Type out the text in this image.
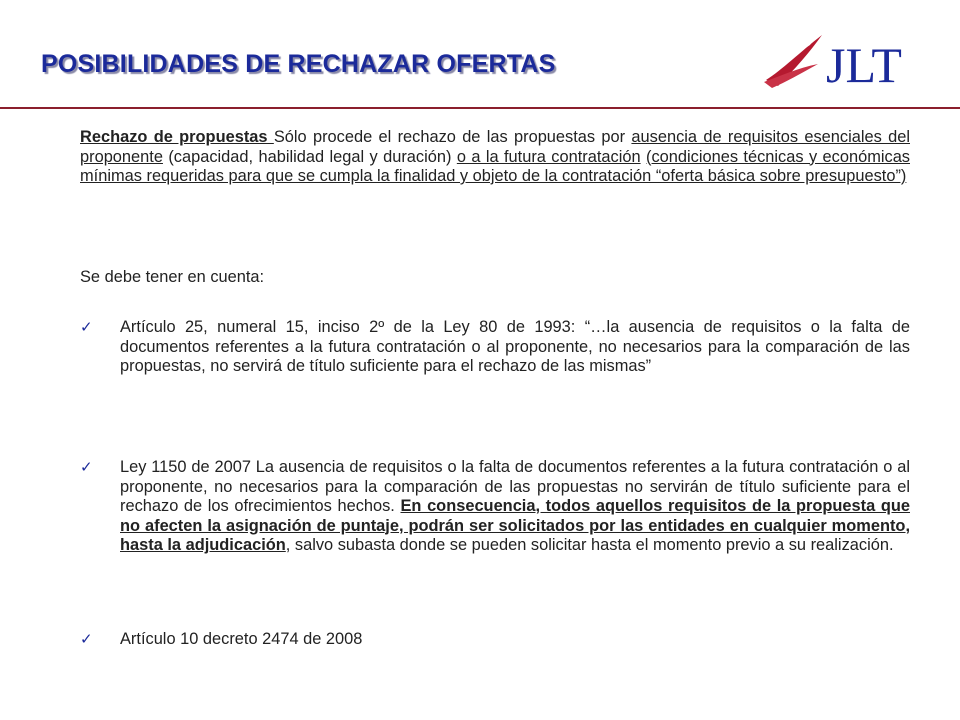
POSIBILIDADES DE RECHAZAR OFERTAS	JLT

Rechazo de propuestas Sólo procede el rechazo de las propuestas por ausencia de requisitos esenciales del proponente (capacidad, habilidad legal y duración) o a la futura contratación (condiciones técnicas y económicas mínimas requeridas para que se cumpla la finalidad y objeto de la contratación “oferta básica sobre presupuesto”)

Se debe tener en cuenta:

✓	Artículo 25, numeral 15, inciso 2º de la Ley 80 de 1993: “…la ausencia de requisitos o la falta de documentos referentes a la futura contratación o al proponente, no necesarios para la comparación de las propuestas, no servirá de título suficiente para el rechazo de las mismas”

✓	Ley 1150 de 2007 La ausencia de requisitos o la falta de documentos referentes a la futura contratación o al proponente, no necesarios para la comparación de las propuestas no servirán de título suficiente para el rechazo de los ofrecimientos hechos. En consecuencia, todos aquellos requisitos de la propuesta que no afecten la asignación de puntaje, podrán ser solicitados por las entidades en cualquier momento, hasta la adjudicación, salvo subasta donde se pueden solicitar hasta el momento previo a su realización.

✓	Artículo 10 decreto 2474 de 2008
